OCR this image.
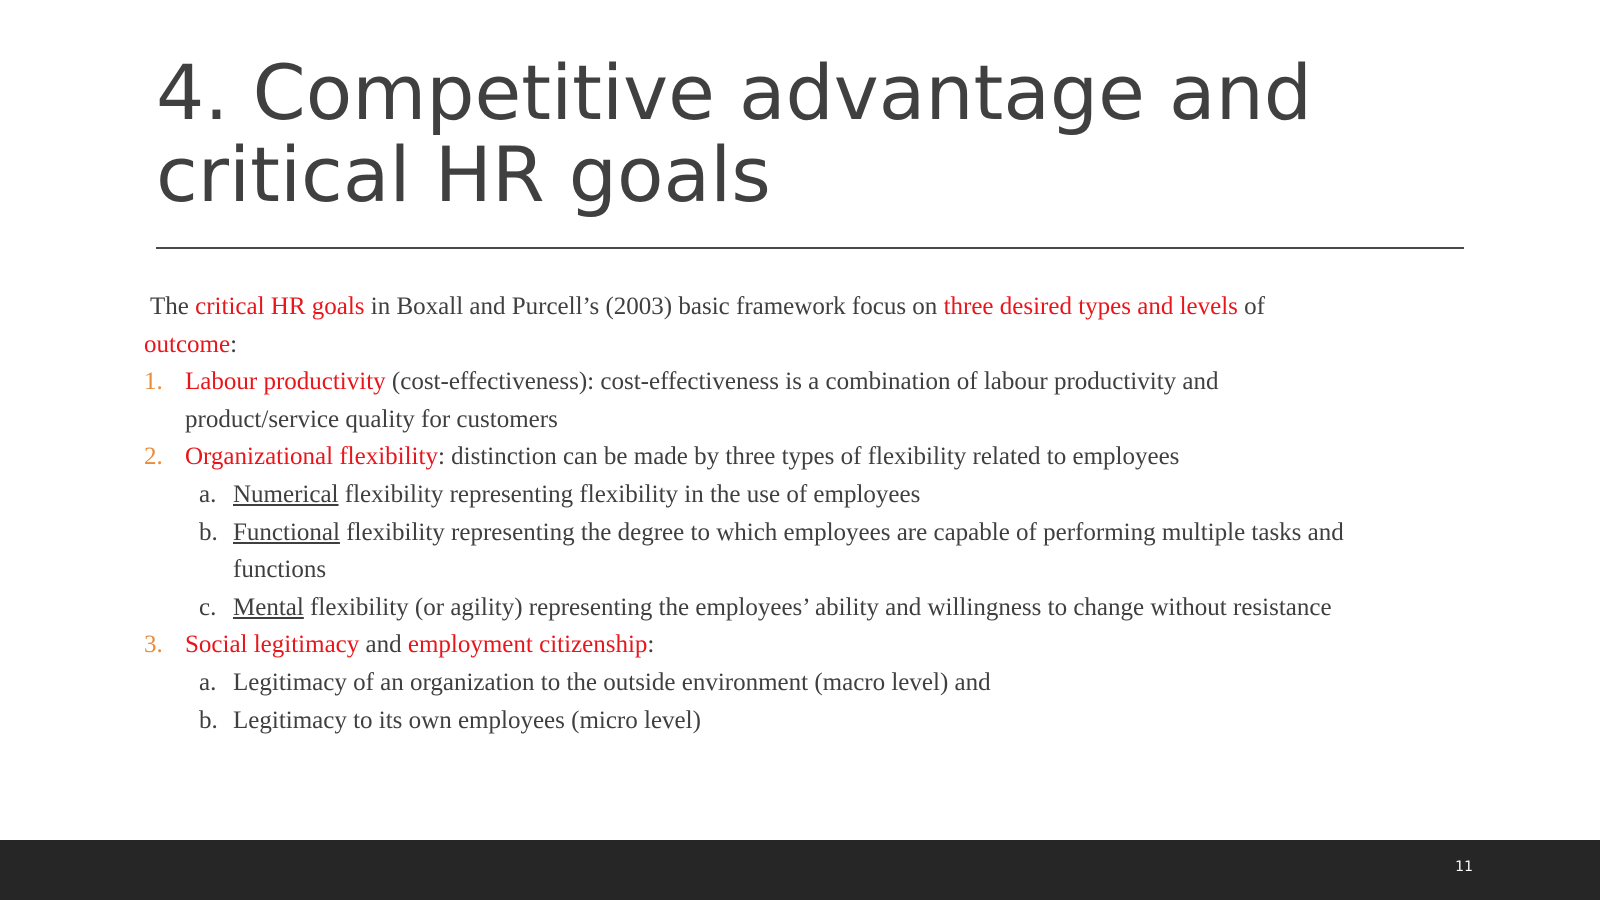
4. Competitive advantage and
critical HR goals
The critical HR goals in Boxall and Purcell’s (2003) basic framework focus on three desired types and levels of
outcome:
1. Labour productivity (cost-effectiveness): cost-effectiveness is a combination of labour productivity and
product/service quality for customers
2. Organizational flexibility: distinction can be made by three types of flexibility related to employees
a. Numerical flexibility representing flexibility in the use of employees
b. Functional flexibility representing the degree to which employees are capable of performing multiple tasks and
functions
c. Mental flexibility (or agility) representing the employees’ ability and willingness to change without resistance
3. Social legitimacy and employment citizenship:
a. Legitimacy of an organization to the outside environment (macro level) and
b. Legitimacy to its own employees (micro level)
11
